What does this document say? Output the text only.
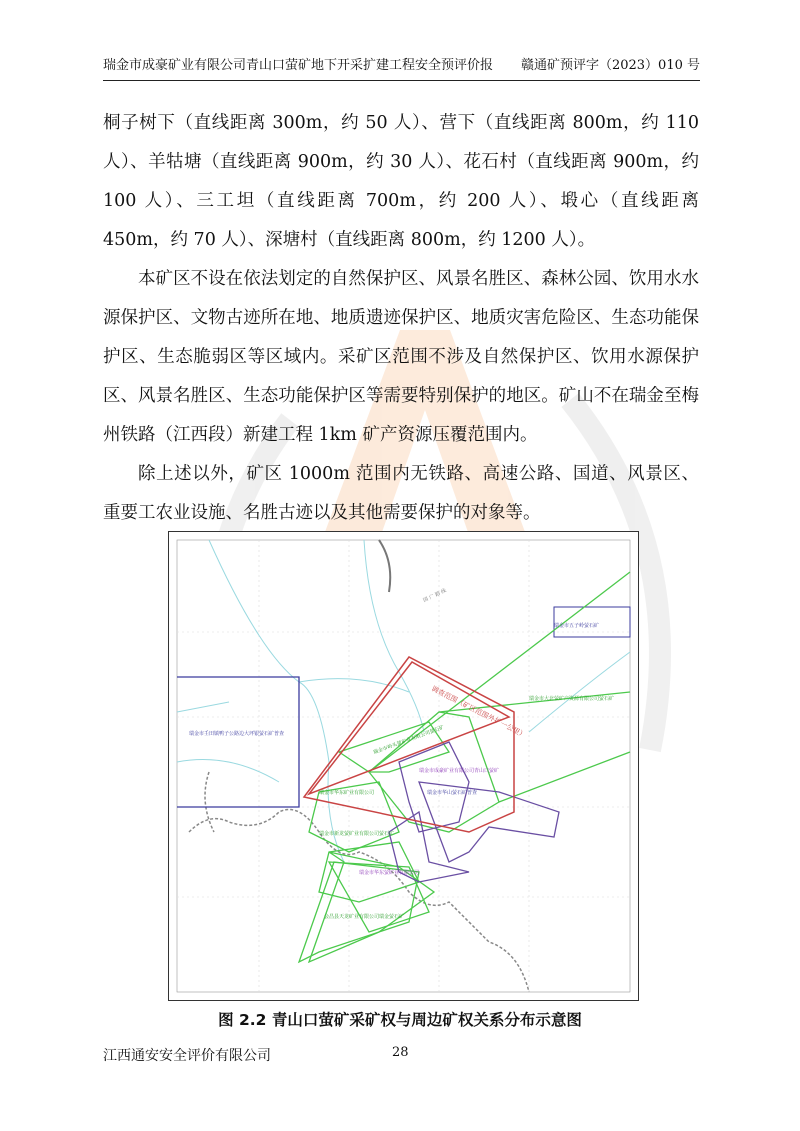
瑞金市成豪矿业有限公司青山口萤矿地下开采扩建工程安全预评价报 赣通矿预评字（2023）010 号

桐子树下（直线距离 300m，约 50 人）、营下（直线距离 800m，约 110 人）、羊牯塘（直线距离 900m，约 30 人）、花石村（直线距离 900m，约 100 人）、三工坦（直线距离 700m，约 200 人）、塅心（直线距离 450m，约 70 人）、深塘村（直线距离 800m，约 1200 人）。

本矿区不设在依法划定的自然保护区、风景名胜区、森林公园、饮用水水源保护区、文物古迹所在地、地质遗迹保护区、地质灾害危险区、生态功能保护区、生态脆弱区等区域内。采矿区范围不涉及自然保护区、饮用水源保护区、风景名胜区、生态功能保护区等需要特别保护的地区。矿山不在瑞金至梅州铁路（江西段）新建工程 1km 矿产资源压覆范围内。

除上述以外，矿区 1000m 范围内无铁路、高速公路、国道、风景区、重要工农业设施、名胜古迹以及其他需要保护的对象等。

调查范围（矿区范围外扩一公里）
瑞金市五子岭萤石矿
瑞金市壬田镇鸭子公路边大坪银萤石矿普查
瑞金市大北萤矿产资源有限公司萤石矿
瑞金市岭头萤矿业有限公司萤石矿
瑞金市成豪矿业有限公司青山口萤矿
瑞金市华东矿业有限公司	瑞金市华山萤石矿普查
瑞金市新龙萤矿业有限公司萤石矿
瑞金市华东萤矿业有限公司
会昌县天龙矿业有限公司瑞金萤石矿
国 广 路 线
图 2.2 青山口萤矿采矿权与周边矿权关系分布示意图
江西通安安全评价有限公司	28
